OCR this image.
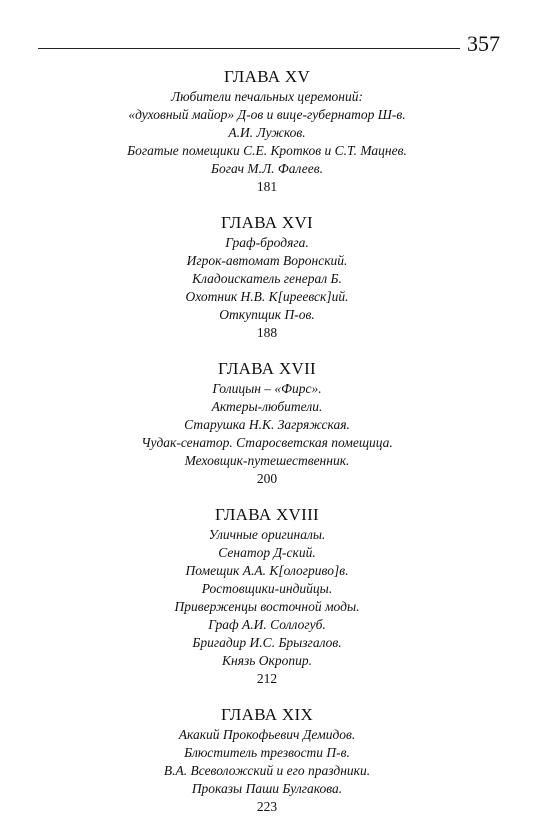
357
ГЛАВА XV
Любители печальных церемоний:
«духовный майор» Д-ов и вице-губернатор Ш-в.
А.И. Лужков.
Богатые помещики С.Е. Кротков и С.Т. Мацнев.
Богач М.Л. Фалеев.
181
ГЛАВА XVI
Граф-бродяга.
Игрок-автомат Воронский.
Кладоискатель генерал Б.
Охотник Н.В. К[иреевск]ий.
Откупщик П-ов.
188
ГЛАВА XVII
Голицын – «Фирс».
Актеры-любители.
Старушка Н.К. Загряжская.
Чудак-сенатор. Старосветская помещица.
Меховщик-путешественник.
200
ГЛАВА XVIII
Уличные оригиналы.
Сенатор Д-ский.
Помещик А.А. К[ологриво]в.
Ростовщики-индийцы.
Приверженцы восточной моды.
Граф А.И. Соллогуб.
Бригадир И.С. Брызгалов.
Князь Окропир.
212
ГЛАВА XIX
Акакий Прокофьевич Демидов.
Блюститель трезвости П-в.
В.А. Всеволожский и его праздники.
Проказы Паши Булгакова.
223
